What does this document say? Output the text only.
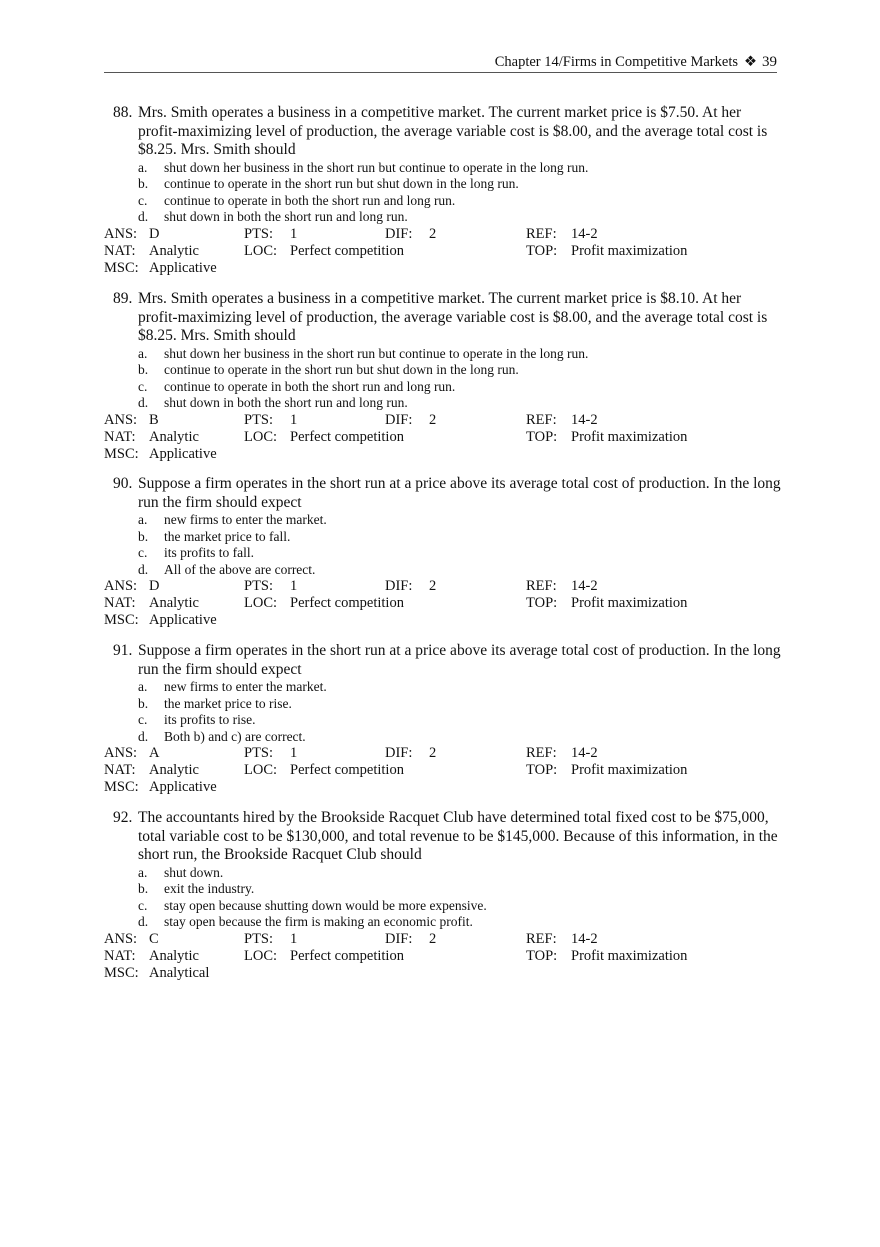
Chapter 14/Firms in Competitive Markets ❖ 39
88. Mrs. Smith operates a business in a competitive market. The current market price is $7.50. At her profit-maximizing level of production, the average variable cost is $8.00, and the average total cost is $8.25. Mrs. Smith should
a. shut down her business in the short run but continue to operate in the long run.
b. continue to operate in the short run but shut down in the long run.
c. continue to operate in both the short run and long run.
d. shut down in both the short run and long run.
ANS: D	PTS: 1	DIF: 2	REF: 14-2
NAT: Analytic	LOC: Perfect competition	TOP: Profit maximization
MSC: Applicative
89. Mrs. Smith operates a business in a competitive market. The current market price is $8.10. At her profit-maximizing level of production, the average variable cost is $8.00, and the average total cost is $8.25. Mrs. Smith should
a. shut down her business in the short run but continue to operate in the long run.
b. continue to operate in the short run but shut down in the long run.
c. continue to operate in both the short run and long run.
d. shut down in both the short run and long run.
ANS: B	PTS: 1	DIF: 2	REF: 14-2
NAT: Analytic	LOC: Perfect competition	TOP: Profit maximization
MSC: Applicative
90. Suppose a firm operates in the short run at a price above its average total cost of production. In the long run the firm should expect
a. new firms to enter the market.
b. the market price to fall.
c. its profits to fall.
d. All of the above are correct.
ANS: D	PTS: 1	DIF: 2	REF: 14-2
NAT: Analytic	LOC: Perfect competition	TOP: Profit maximization
MSC: Applicative
91. Suppose a firm operates in the short run at a price above its average total cost of production. In the long run the firm should expect
a. new firms to enter the market.
b. the market price to rise.
c. its profits to rise.
d. Both b) and c) are correct.
ANS: A	PTS: 1	DIF: 2	REF: 14-2
NAT: Analytic	LOC: Perfect competition	TOP: Profit maximization
MSC: Applicative
92. The accountants hired by the Brookside Racquet Club have determined total fixed cost to be $75,000, total variable cost to be $130,000, and total revenue to be $145,000. Because of this information, in the short run, the Brookside Racquet Club should
a. shut down.
b. exit the industry.
c. stay open because shutting down would be more expensive.
d. stay open because the firm is making an economic profit.
ANS: C	PTS: 1	DIF: 2	REF: 14-2
NAT: Analytic	LOC: Perfect competition	TOP: Profit maximization
MSC: Analytical
